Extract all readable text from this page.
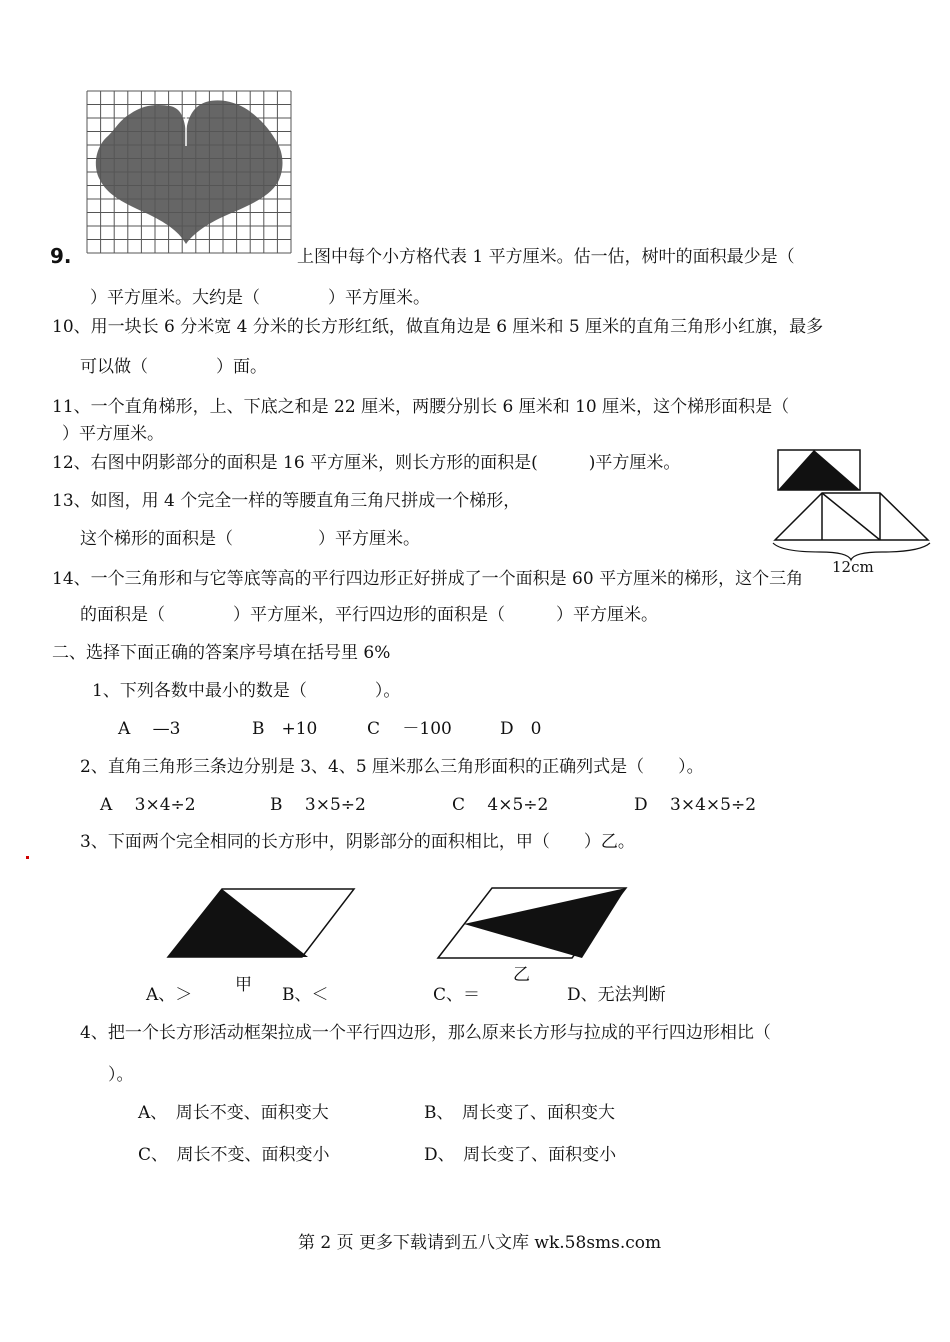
9.	上图中每个小方格代表 1 平方厘米。估一估，树叶的面积最少是（
）平方厘米。大约是（　　　　）平方厘米。
10、用一块长 6 分米宽 4 分米的长方形红纸，做直角边是 6 厘米和 5 厘米的直角三角形小红旗，最多
可以做（　　　　）面。
11、一个直角梯形，上、下底之和是 22 厘米，两腰分别长 6 厘米和 10 厘米，这个梯形面积是（
）平方厘米。
12、右图中阴影部分的面积是 16 平方厘米，则长方形的面积是(　　　)平方厘米。
13、如图，用 4 个完全一样的等腰直角三角尺拼成一个梯形，
这个梯形的面积是（　　　　　）平方厘米。
12cm
14、一个三角形和与它等底等高的平行四边形正好拼成了一个面积是 60 平方厘米的梯形，这个三角
的面积是（　　　　）平方厘米，平行四边形的面积是（　　　）平方厘米。
二、选择下面正确的答案序号填在括号里 6%
1、下列各数中最小的数是（　　　　）。
A　 —3	B　+10	C　 －100	D　0
2、直角三角形三条边分别是 3、4、5 厘米那么三角形面积的正确列式是（　　）。
A　 3×4÷2	B　 3×5÷2	C　 4×5÷2	D　 3×4×5÷2
3、下面两个完全相同的长方形中，阴影部分的面积相比，甲（　　）乙。
甲	乙
A、＞	B、＜	C、＝	D、无法判断
4、把一个长方形活动框架拉成一个平行四边形，那么原来长方形与拉成的平行四边形相比（
）。
A、　周长不变、面积变大	B、　周长变了、面积变大
C、　周长不变、面积变小	D、　周长变了、面积变小
第 2 页 更多下载请到五八文库 wk.58sms.com
